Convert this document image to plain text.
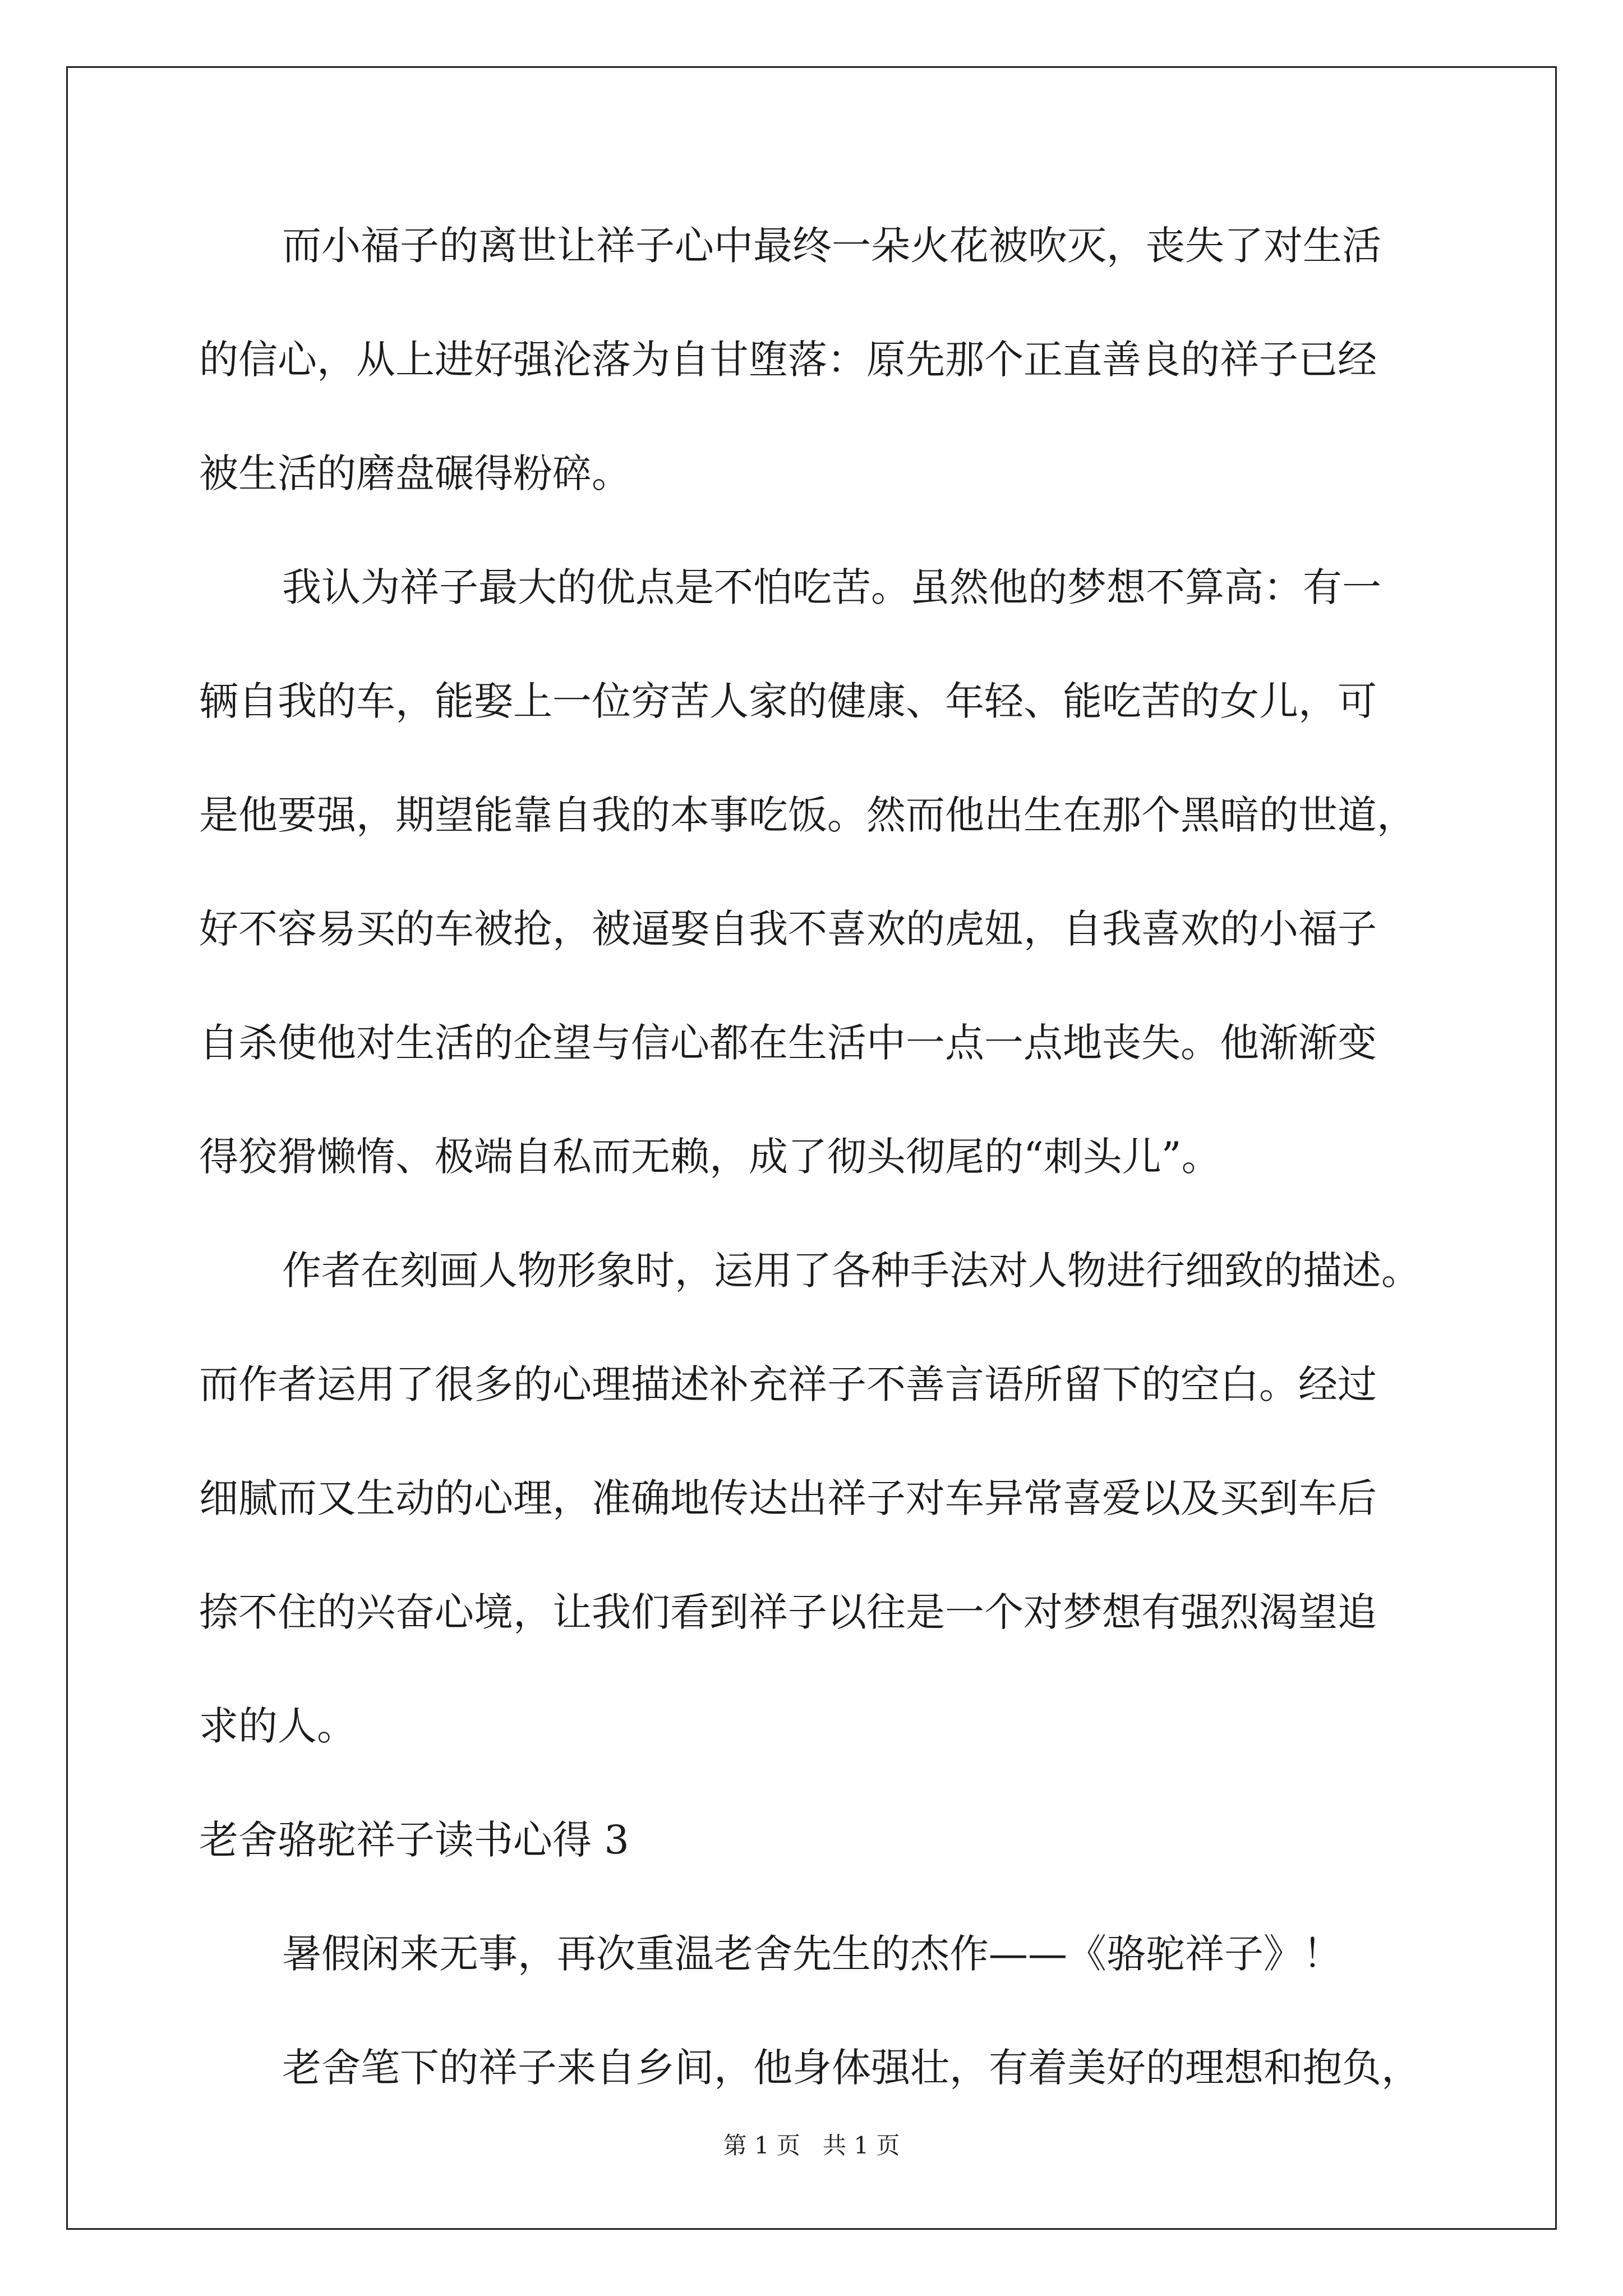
而小福子的离世让祥子心中最终一朵火花被吹灭，丧失了对生活
的信心，从上进好强沦落为自甘堕落：原先那个正直善良的祥子已经
被生活的磨盘碾得粉碎。
我认为祥子最大的优点是不怕吃苦。虽然他的梦想不算高：有一
辆自我的车，能娶上一位穷苦人家的健康、年轻、能吃苦的女儿，可
是他要强，期望能靠自我的本事吃饭。然而他出生在那个黑暗的世道，
好不容易买的车被抢，被逼娶自我不喜欢的虎妞，自我喜欢的小福子
自杀使他对生活的企望与信心都在生活中一点一点地丧失。他渐渐变
得狡猾懒惰、极端自私而无赖，成了彻头彻尾的“刺头儿”。
作者在刻画人物形象时，运用了各种手法对人物进行细致的描述。
而作者运用了很多的心理描述补充祥子不善言语所留下的空白。经过
细腻而又生动的心理，准确地传达出祥子对车异常喜爱以及买到车后
捺不住的兴奋心境，让我们看到祥子以往是一个对梦想有强烈渴望追
求的人。
老舍骆驼祥子读书心得 3
暑假闲来无事，再次重温老舍先生的杰作——《骆驼祥子》！
老舍笔下的祥子来自乡间，他身体强壮，有着美好的理想和抱负，
第 1 页 共 1 页
